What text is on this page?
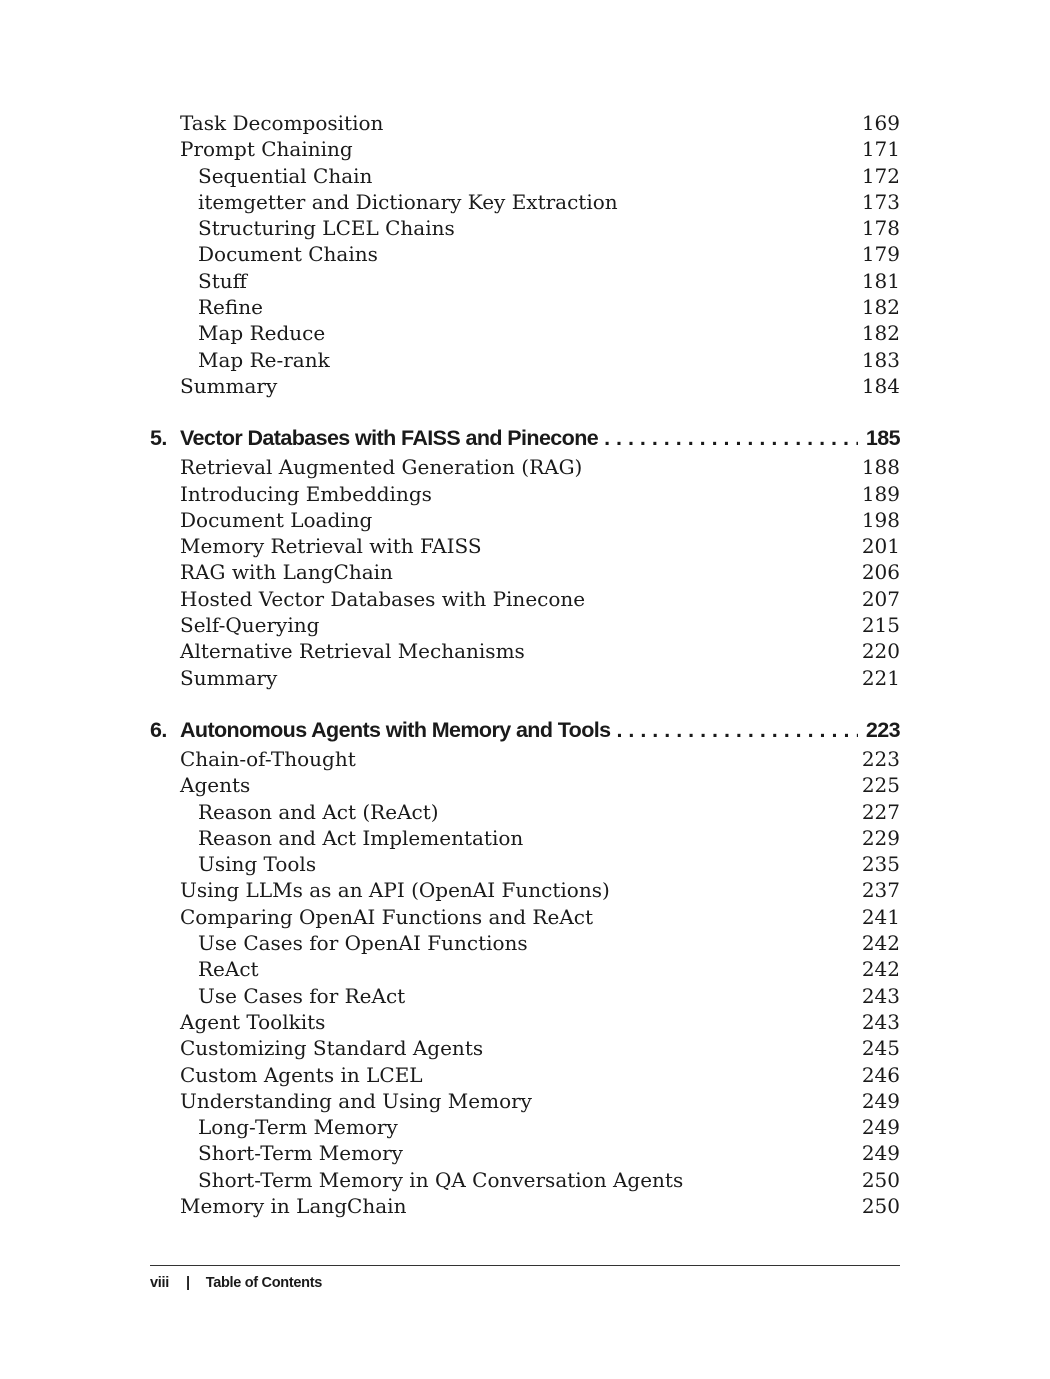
Task Decomposition	169
Prompt Chaining	171
Sequential Chain	172
itemgetter and Dictionary Key Extraction	173
Structuring LCEL Chains	178
Document Chains	179
Stuff	181
Refine	182
Map Reduce	182
Map Re-rank	183
Summary	184
5. Vector Databases with FAISS and Pinecone . . .	185
Retrieval Augmented Generation (RAG)	188
Introducing Embeddings	189
Document Loading	198
Memory Retrieval with FAISS	201
RAG with LangChain	206
Hosted Vector Databases with Pinecone	207
Self-Querying	215
Alternative Retrieval Mechanisms	220
Summary	221
6. Autonomous Agents with Memory and Tools . . .	223
Chain-of-Thought	223
Agents	225
Reason and Act (ReAct)	227
Reason and Act Implementation	229
Using Tools	235
Using LLMs as an API (OpenAI Functions)	237
Comparing OpenAI Functions and ReAct	241
Use Cases for OpenAI Functions	242
ReAct	242
Use Cases for ReAct	243
Agent Toolkits	243
Customizing Standard Agents	245
Custom Agents in LCEL	246
Understanding and Using Memory	249
Long-Term Memory	249
Short-Term Memory	249
Short-Term Memory in QA Conversation Agents	250
Memory in LangChain	250
viii | Table of Contents
